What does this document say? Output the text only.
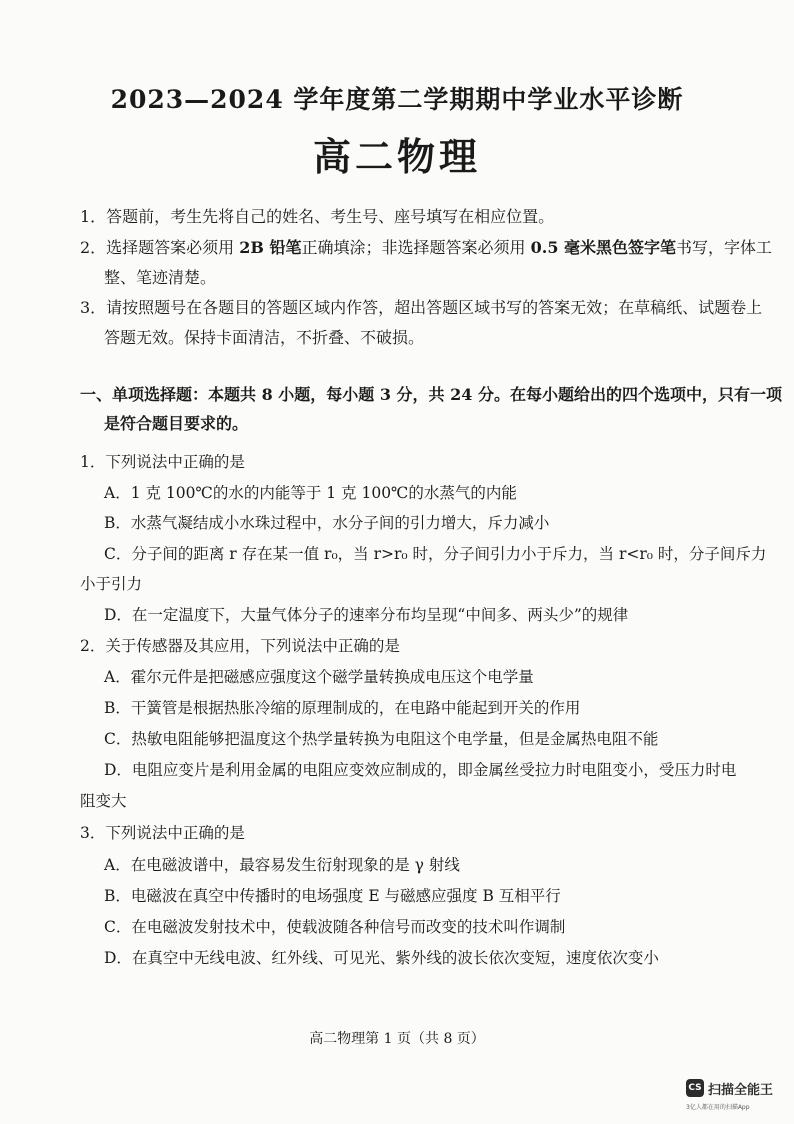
2023—2024 学年度第二学期期中学业水平诊断
高二物理
1．答题前，考生先将自己的姓名、考生号、座号填写在相应位置。
2．选择题答案必须用 2B 铅笔正确填涂；非选择题答案必须用 0.5 毫米黑色签字笔书写，字体工
整、笔迹清楚。
3．请按照题号在各题目的答题区域内作答，超出答题区域书写的答案无效；在草稿纸、试题卷上
答题无效。保持卡面清洁，不折叠、不破损。
一、单项选择题：本题共 8 小题，每小题 3 分，共 24 分。在每小题给出的四个选项中，只有一项
是符合题目要求的。
1．下列说法中正确的是
A．1 克 100℃的水的内能等于 1 克 100℃的水蒸气的内能
B．水蒸气凝结成小水珠过程中，水分子间的引力增大，斥力减小
C．分子间的距离 r 存在某一值 r₀，当 r>r₀ 时，分子间引力小于斥力，当 r<r₀ 时，分子间斥力
小于引力
D．在一定温度下，大量气体分子的速率分布均呈现“中间多、两头少”的规律
2．关于传感器及其应用，下列说法中正确的是
A．霍尔元件是把磁感应强度这个磁学量转换成电压这个电学量
B．干簧管是根据热胀冷缩的原理制成的，在电路中能起到开关的作用
C．热敏电阻能够把温度这个热学量转换为电阻这个电学量，但是金属热电阻不能
D．电阻应变片是利用金属的电阻应变效应制成的，即金属丝受拉力时电阻变小，受压力时电
阻变大
3．下列说法中正确的是
A．在电磁波谱中，最容易发生衍射现象的是 γ 射线
B．电磁波在真空中传播时的电场强度 E 与磁感应强度 B 互相平行
C．在电磁波发射技术中，使载波随各种信号而改变的技术叫作调制
D．在真空中无线电波、红外线、可见光、紫外线的波长依次变短，速度依次变小
高二物理第 1 页（共 8 页）
CS 扫描全能王
3亿人都在用的扫描App
